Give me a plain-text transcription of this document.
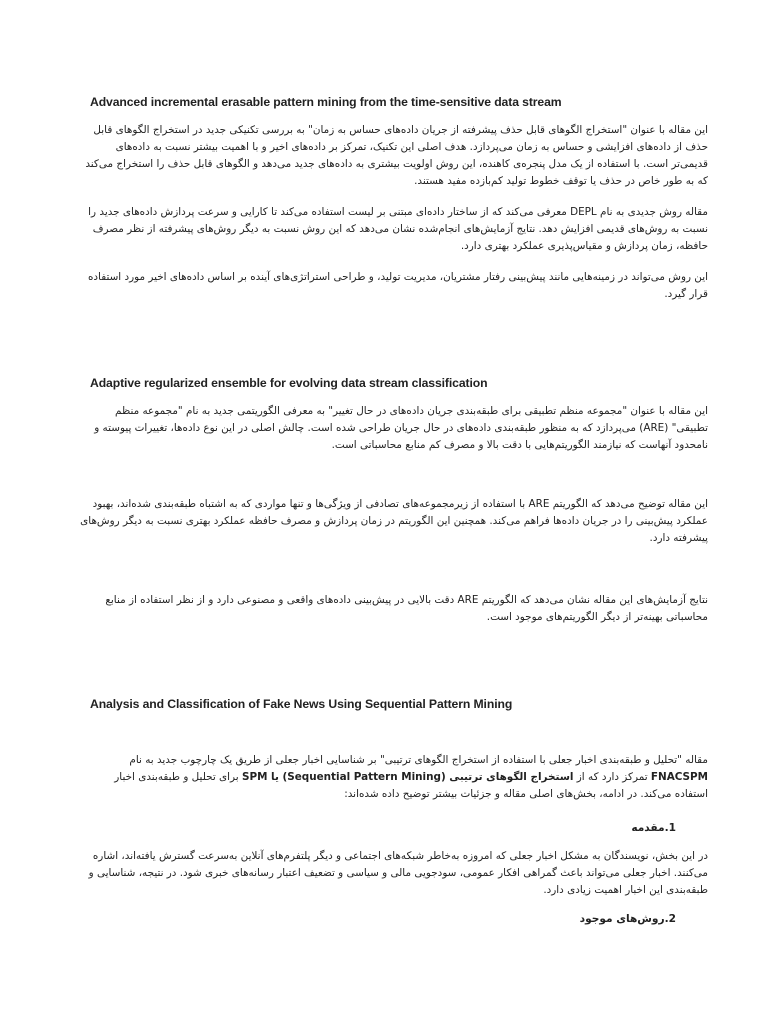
Advanced incremental erasable pattern mining from the time-sensitive data stream

این مقاله با عنوان "استخراج الگوهای قابل حذف پیشرفته از جریان داده‌های حساس به زمان" به بررسی تکنیکی جدید در استخراج الگوهای قابل حذف از داده‌های افزایشی و حساس به زمان می‌پردازد. هدف اصلی این تکنیک، تمرکز بر داده‌های اخیر و با اهمیت بیشتر نسبت به داده‌های قدیمی‌تر است. با استفاده از یک مدل پنجره‌ی کاهنده، این روش اولویت بیشتری به داده‌های جدید می‌دهد و الگوهای قابل حذف را استخراج می‌کند که به طور خاص در حذف یا توقف خطوط تولید کم‌بازده مفید هستند.

مقاله روش جدیدی به نام DEPL معرفی می‌کند که از ساختار داده‌ای مبتنی بر لیست استفاده می‌کند تا کارایی و سرعت پردازش داده‌های جدید را نسبت به روش‌های قدیمی افزایش دهد. نتایج آزمایش‌های انجام‌شده نشان می‌دهد که این روش نسبت به دیگر روش‌های پیشرفته از نظر مصرف حافظه، زمان پردازش و مقیاس‌پذیری عملکرد بهتری دارد.

این روش می‌تواند در زمینه‌هایی مانند پیش‌بینی رفتار مشتریان، مدیریت تولید، و طراحی استراتژی‌های آینده بر اساس داده‌های اخیر مورد استفاده قرار گیرد.

Adaptive regularized ensemble for evolving data stream classification

این مقاله با عنوان "مجموعه منظم تطبیقی برای طبقه‌بندی جریان داده‌های در حال تغییر" به معرفی الگوریتمی جدید به نام "مجموعه منظم تطبیقی" (ARE) می‌پردازد که به منظور طبقه‌بندی داده‌های در حال جریان طراحی شده است. چالش اصلی در این نوع داده‌ها، تغییرات پیوسته و نامحدود آنهاست که نیازمند الگوریتم‌هایی با دقت بالا و مصرف کم منابع محاسباتی است.

این مقاله توضیح می‌دهد که الگوریتم ARE با استفاده از زیرمجموعه‌های تصادفی از ویژگی‌ها و تنها مواردی که به اشتباه طبقه‌بندی شده‌اند، بهبود عملکرد پیش‌بینی را در جریان داده‌ها فراهم می‌کند. همچنین این الگوریتم در زمان پردازش و مصرف حافظه عملکرد بهتری نسبت به دیگر روش‌های پیشرفته دارد.

نتایج آزمایش‌های این مقاله نشان می‌دهد که الگوریتم ARE دقت بالایی در پیش‌بینی داده‌های واقعی و مصنوعی دارد و از نظر استفاده از منابع محاسباتی بهینه‌تر از دیگر الگوریتم‌های موجود است.

Analysis and Classification of Fake News Using Sequential Pattern Mining

مقاله "تحلیل و طبقه‌بندی اخبار جعلی با استفاده از استخراج الگوهای ترتیبی" بر شناسایی اخبار جعلی از طریق یک چارچوب جدید به نام FNACSPM تمرکز دارد که از استخراج الگوهای ترتیبی (Sequential Pattern Mining) یا SPM برای تحلیل و طبقه‌بندی اخبار استفاده می‌کند. در ادامه، بخش‌های اصلی مقاله و جزئیات بیشتر توضیح داده شده‌اند:

1.مقدمه

در این بخش، نویسندگان به مشکل اخبار جعلی که امروزه به‌خاطر شبکه‌های اجتماعی و دیگر پلتفرم‌های آنلاین به‌سرعت گسترش یافته‌اند، اشاره می‌کنند. اخبار جعلی می‌تواند باعث گمراهی افکار عمومی، سودجویی مالی و سیاسی و تضعیف اعتبار رسانه‌های خبری شود. در نتیجه، شناسایی و طبقه‌بندی این اخبار اهمیت زیادی دارد.

2.روش‌های موجود
